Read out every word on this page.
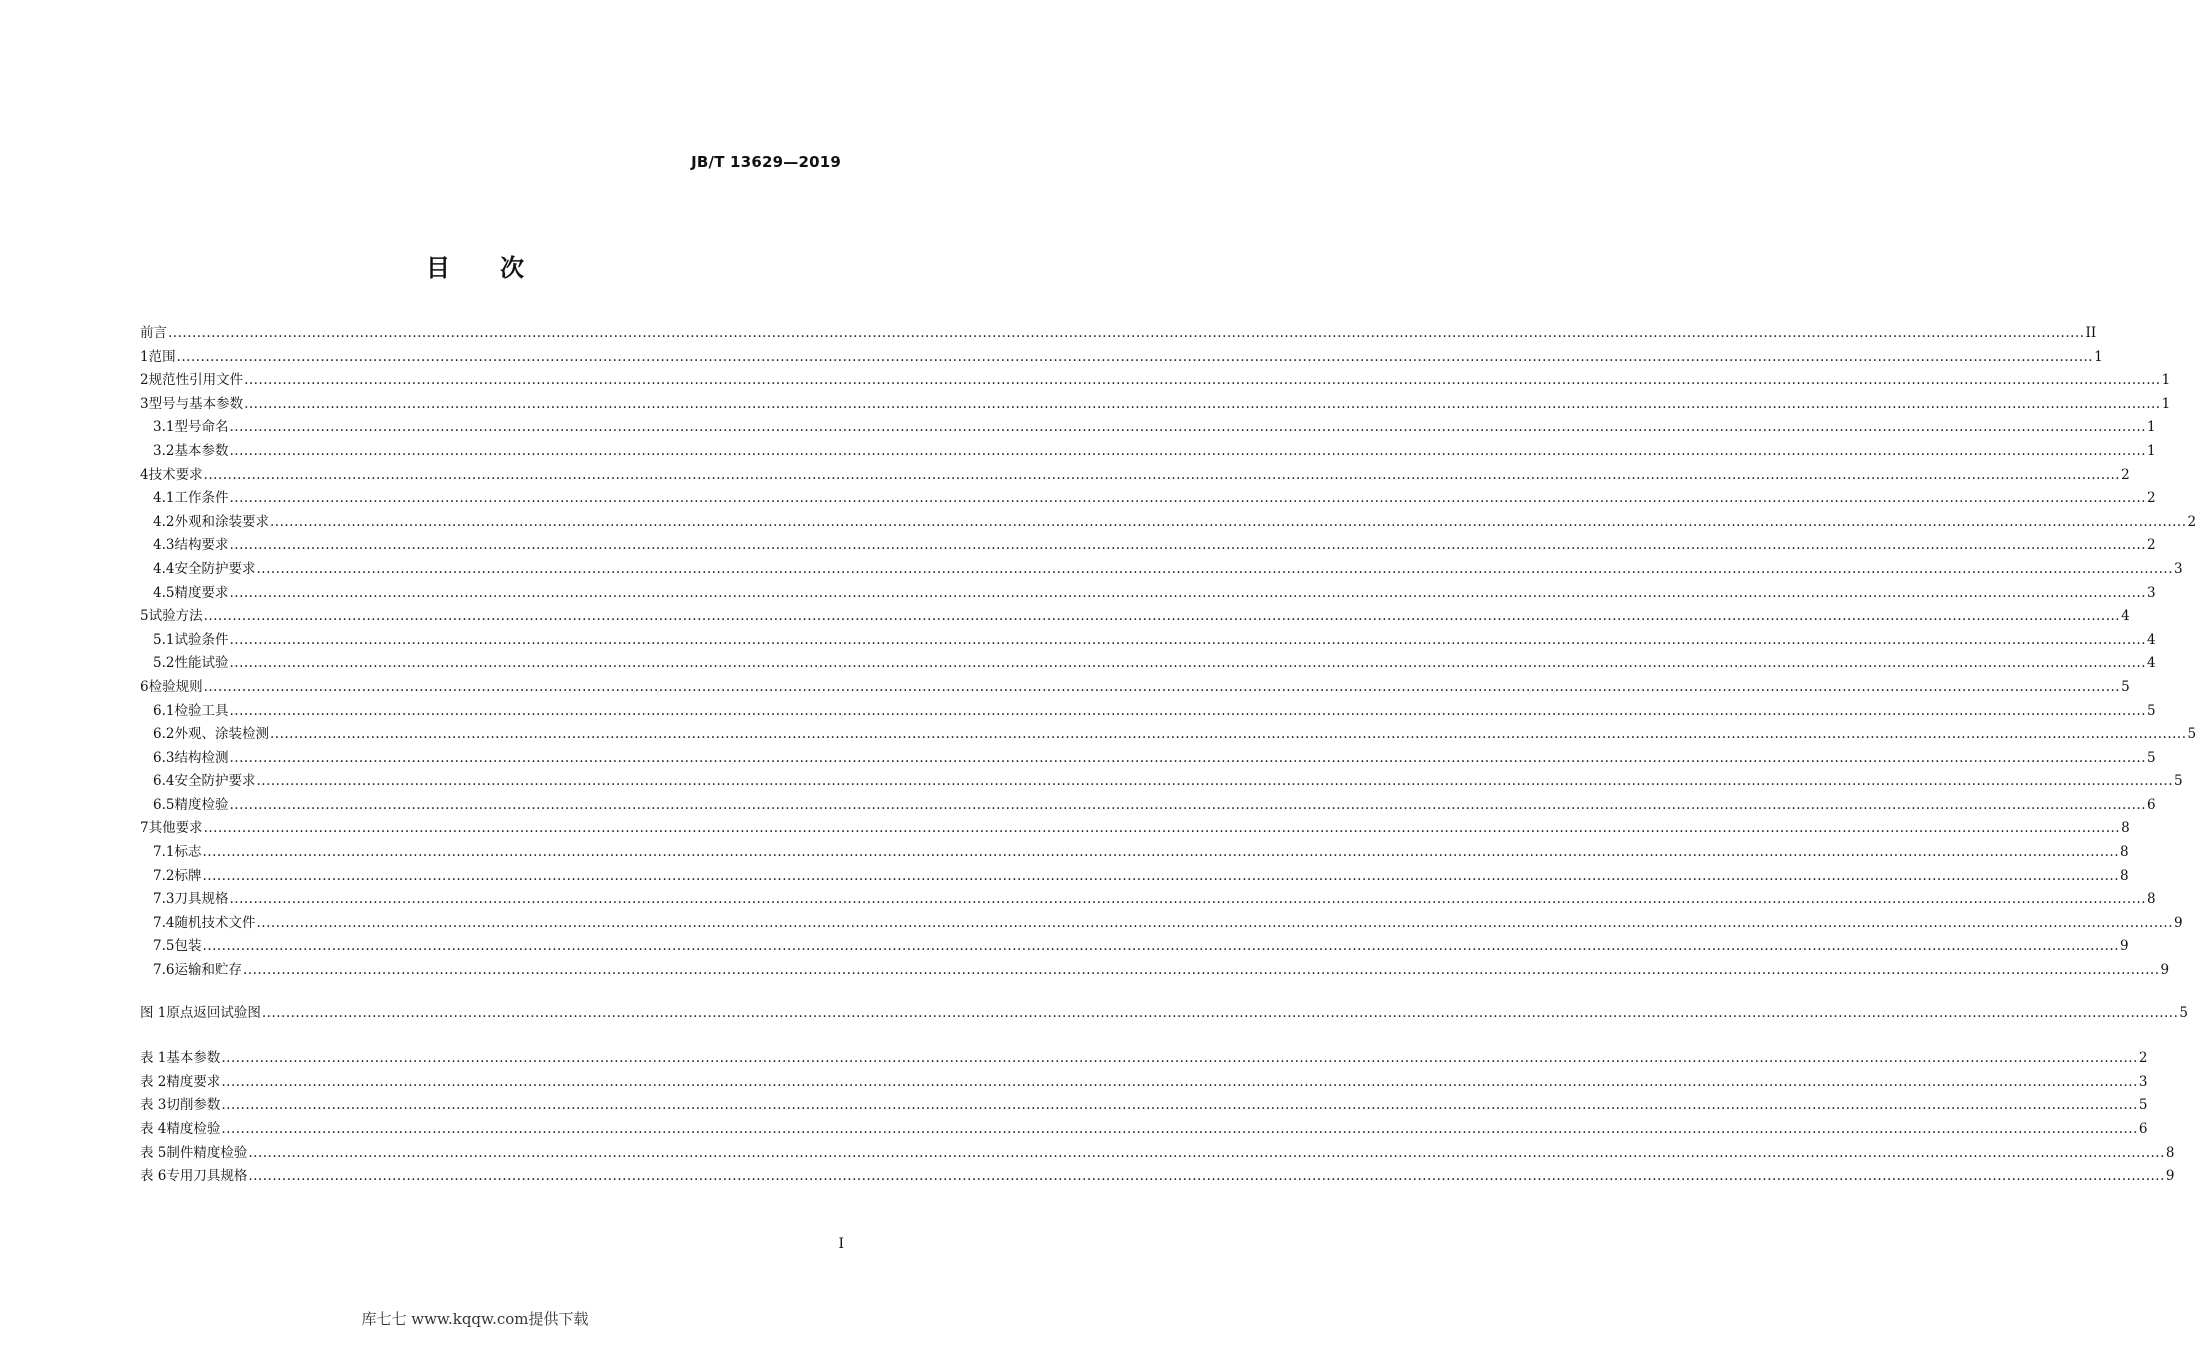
JB/T 13629—2019
目次
前言 ................................................................................................................................................................................................................................................................................................................................................................................................................ II
1 范围 ................................................................................................................................................................................................................................................................................................................................................................................................................ 1
2 规范性引用文件 ................................................................................................................................................................................................................................................................................................................................................................................................................ 1
3 型号与基本参数 ................................................................................................................................................................................................................................................................................................................................................................................................................ 1
3.1 型号命名 ................................................................................................................................................................................................................................................................................................................................................................................................................ 1
3.2 基本参数 ................................................................................................................................................................................................................................................................................................................................................................................................................ 1
4 技术要求 ................................................................................................................................................................................................................................................................................................................................................................................................................ 2
4.1 工作条件 ................................................................................................................................................................................................................................................................................................................................................................................................................ 2
4.2 外观和涂装要求 ................................................................................................................................................................................................................................................................................................................................................................................................................ 2
4.3 结构要求 ................................................................................................................................................................................................................................................................................................................................................................................................................ 2
4.4 安全防护要求 ................................................................................................................................................................................................................................................................................................................................................................................................................ 3
4.5 精度要求 ................................................................................................................................................................................................................................................................................................................................................................................................................ 3
5 试验方法 ................................................................................................................................................................................................................................................................................................................................................................................................................ 4
5.1 试验条件 ................................................................................................................................................................................................................................................................................................................................................................................................................ 4
5.2 性能试验 ................................................................................................................................................................................................................................................................................................................................................................................................................ 4
6 检验规则 ................................................................................................................................................................................................................................................................................................................................................................................................................ 5
6.1 检验工具 ................................................................................................................................................................................................................................................................................................................................................................................................................ 5
6.2 外观、涂装检测 ................................................................................................................................................................................................................................................................................................................................................................................................................ 5
6.3 结构检测 ................................................................................................................................................................................................................................................................................................................................................................................................................ 5
6.4 安全防护要求 ................................................................................................................................................................................................................................................................................................................................................................................................................ 5
6.5 精度检验 ................................................................................................................................................................................................................................................................................................................................................................................................................ 6
7 其他要求 ................................................................................................................................................................................................................................................................................................................................................................................................................ 8
7.1 标志 ................................................................................................................................................................................................................................................................................................................................................................................................................ 8
7.2 标牌 ................................................................................................................................................................................................................................................................................................................................................................................................................ 8
7.3 刀具规格 ................................................................................................................................................................................................................................................................................................................................................................................................................ 8
7.4 随机技术文件 ................................................................................................................................................................................................................................................................................................................................................................................................................ 9
7.5 包装 ................................................................................................................................................................................................................................................................................................................................................................................................................ 9
7.6 运输和贮存 ................................................................................................................................................................................................................................................................................................................................................................................................................ 9
图 1 原点返回试验图 ................................................................................................................................................................................................................................................................................................................................................................................................................ 5
表 1 基本参数 ................................................................................................................................................................................................................................................................................................................................................................................................................ 2
表 2 精度要求 ................................................................................................................................................................................................................................................................................................................................................................................................................ 3
表 3 切削参数 ................................................................................................................................................................................................................................................................................................................................................................................................................ 5
表 4 精度检验 ................................................................................................................................................................................................................................................................................................................................................................................................................ 6
表 5 制件精度检验 ................................................................................................................................................................................................................................................................................................................................................................................................................ 8
表 6 专用刀具规格 ................................................................................................................................................................................................................................................................................................................................................................................................................ 9
I
库七七 www.kqqw.com提供下载
